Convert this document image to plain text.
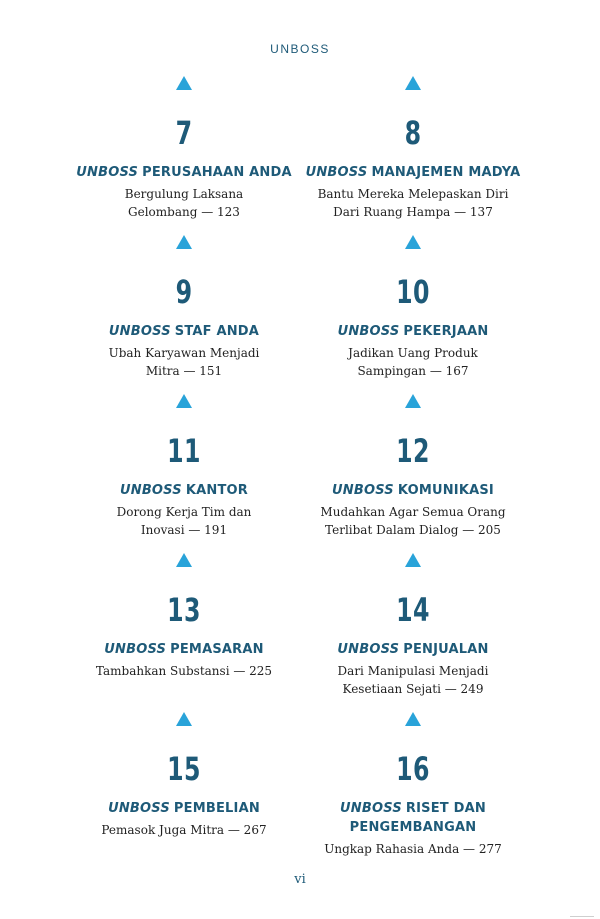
UNBOSS
7
UNBOSS PERUSAHAAN ANDA
Bergulung Laksana
Gelombang — 123
9
UNBOSS STAF ANDA
Ubah Karyawan Menjadi
Mitra — 151
11
UNBOSS KANTOR
Dorong Kerja Tim dan
Inovasi — 191
13
UNBOSS PEMASARAN
Tambahkan Substansi — 225
15
UNBOSS PEMBELIAN
Pemasok Juga Mitra — 267
8
UNBOSS MANAJEMEN MADYA
Bantu Mereka Melepaskan Diri
Dari Ruang Hampa — 137
10
UNBOSS PEKERJAAN
Jadikan Uang Produk
Sampingan — 167
12
UNBOSS KOMUNIKASI
Mudahkan Agar Semua Orang
Terlibat Dalam Dialog — 205
14
UNBOSS PENJUALAN
Dari Manipulasi Menjadi
Kesetiaan Sejati — 249
16
UNBOSS RISET DAN PENGEMBANGAN
Ungkap Rahasia Anda — 277
vi
